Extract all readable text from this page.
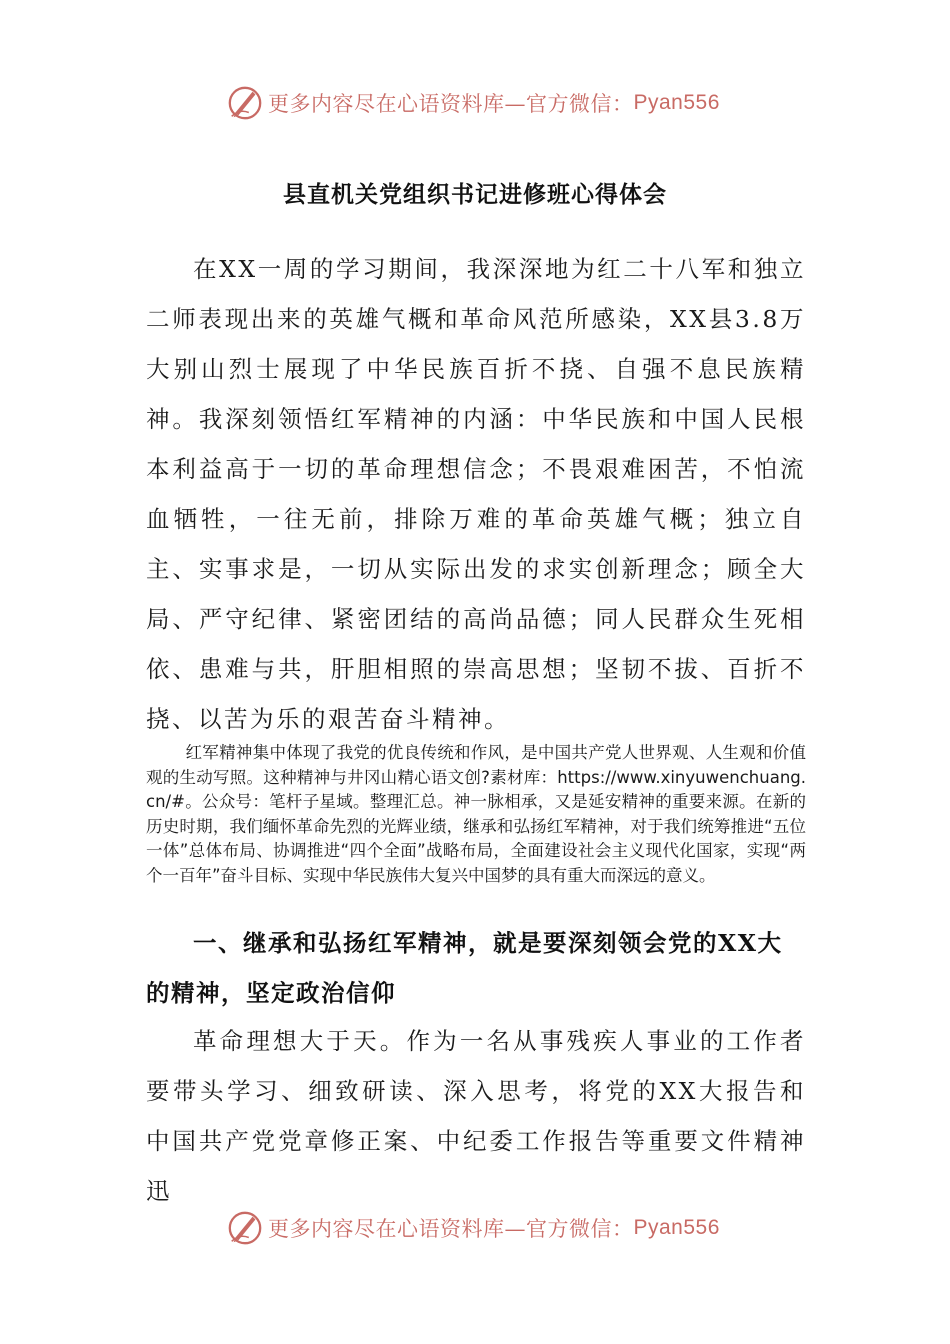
更多内容尽在心语资料库—官方微信： Pyan556
县直机关党组织书记进修班心得体会

在XX一周的学习期间，我深深地为红二十八军和独立二师表现出来的英雄气概和革命风范所感染，XX县3.8万大别山烈士展现了中华民族百折不挠、自强不息民族精神。我深刻领悟红军精神的内涵：中华民族和中国人民根本利益高于一切的革命理想信念；不畏艰难困苦，不怕流血牺牲，一往无前，排除万难的革命英雄气概；独立自主、实事求是，一切从实际出发的求实创新理念；顾全大局、严守纪律、紧密团结的高尚品德；同人民群众生死相依、患难与共，肝胆相照的崇高思想；坚韧不拔、百折不挠、以苦为乐的艰苦奋斗精神。

红军精神集中体现了我党的优良传统和作风，是中国共产党人世界观、人生观和价值观的生动写照。这种精神与井冈山精心语文创?素材库：https://www.xinyuwenchuang.cn/#。公众号：笔杆子星域。整理汇总。神一脉相承，又是延安精神的重要来源。在新的历史时期，我们缅怀革命先烈的光辉业绩，继承和弘扬红军精神，对于我们统筹推进“五位一体”总体布局、协调推进“四个全面”战略布局，全面建设社会主义现代化国家，实现“两个一百年”奋斗目标、实现中华民族伟大复兴中国梦的具有重大而深远的意义。

一、继承和弘扬红军精神，就是要深刻领会党的XX大的精神，坚定政治信仰

革命理想大于天。作为一名从事残疾人事业的工作者要带头学习、细致研读、深入思考，将党的XX大报告和中国共产党党章修正案、中纪委工作报告等重要文件精神迅

更多内容尽在心语资料库—官方微信： Pyan556
